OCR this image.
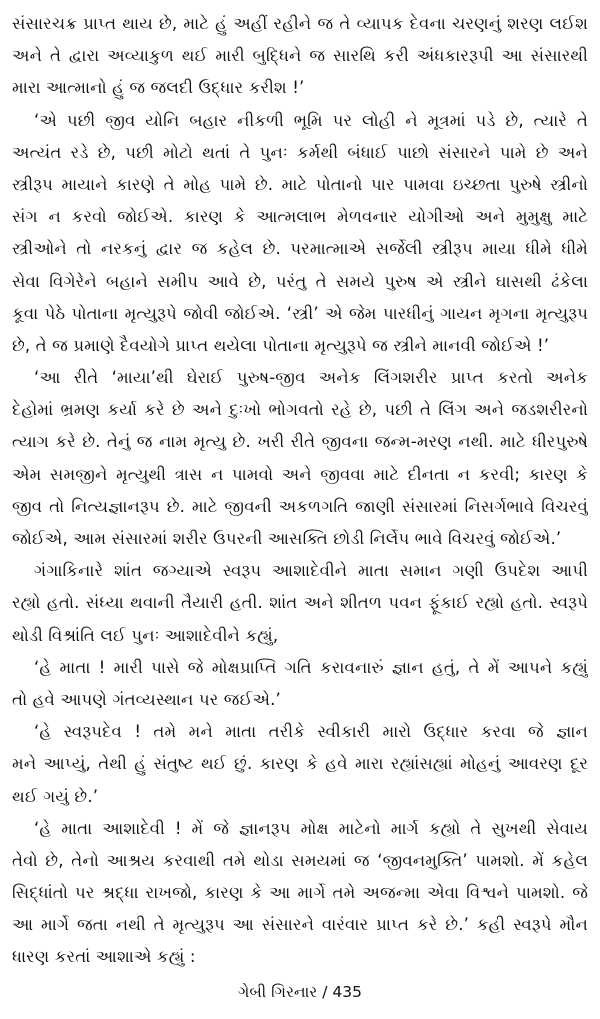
સંસારચક્ર પ્રાપ્ત થાય છે, માટે હું અહીં રહીને જ તે વ્યાપક દેવના ચરણનું શરણ લઈશ
અને તે દ્વારા અવ્યાકુળ થઈ મારી બુદ્ધિને જ સારથિ કરી અંધકારરૂપી આ સંસારથી
મારા આત્માનો હું જ જલદી ઉદ્ધાર કરીશ !’
‘એ પછી જીવ યોનિ બહાર નીકળી ભૂમિ પર લોહી ને મૂત્રમાં પડે છે, ત્યારે તે
અત્યંત રડે છે, પછી મોટો થતાં તે પુનઃ કર્મથી બંધાઈ પાછો સંસારને પામે છે અને
સ્ત્રીરૂપ માયાને કારણે તે મોહ પામે છે. માટે પોતાનો પાર પામવા ઇચ્છતા પુરુષે સ્ત્રીનો
સંગ ન કરવો જોઈએ. કારણ કે આત્મલાભ મેળવનાર યોગીઓ અને મુમુક્ષુ માટે
સ્ત્રીઓને તો નરકનું દ્વાર જ કહેલ છે. પરમાત્માએ સર્જેલી સ્ત્રીરૂપ માયા ધીમે ધીમે
સેવા વિગેરેને બહાને સમીપ આવે છે, પરંતુ તે સમયે પુરુષ એ સ્ત્રીને ઘાસથી ઢંકેલા
કૂવા પેઠે પોતાના મૃત્યુરૂપે જોવી જોઈએ. ‘સ્ત્રી’ એ જેમ પારધીનું ગાયન મૃગના મૃત્યુરૂપ
છે, તે જ પ્રમાણે દૈવયોગે પ્રાપ્ત થયેલા પોતાના મૃત્યુરૂપે જ સ્ત્રીને માનવી જોઈએ !’
‘આ રીતે ‘માયા’થી ઘેરાઈ પુરુષ-જીવ અનેક લિંગશરીર પ્રાપ્ત કરતો અનેક
દેહોમાં ભ્રમણ કર્યા કરે છે અને દુઃખો ભોગવતો રહે છે, પછી તે લિંગ અને જડશરીરનો
ત્યાગ કરે છે. તેનું જ નામ મૃત્યુ છે. ખરી રીતે જીવના જન્મ-મરણ નથી. માટે ધીરપુરુષે
એમ સમજીને મૃત્યુથી ત્રાસ ન પામવો અને જીવવા માટે દીનતા ન કરવી; કારણ કે
જીવ તો નિત્યજ્ઞાનરૂપ છે. માટે જીવની અકળગતિ જાણી સંસારમાં નિસર્ગભાવે વિચરવું
જોઈએ, આમ સંસારમાં શરીર ઉપરની આસક્તિ છોડી નિર્લેપ ભાવે વિચરવું જોઈએ.’
ગંગાકિનારે શાંત જગ્યાએ સ્વરૂપ આશાદેવીને માતા સમાન ગણી ઉપદેશ આપી
રહ્યો હતો. સંધ્યા થવાની તૈયારી હતી. શાંત અને શીતળ પવન ફૂંકાઈ રહ્યો હતો. સ્વરૂપે
થોડી વિશ્રાંતિ લઈ પુનઃ આશાદેવીને કહ્યું,
‘હે માતા ! મારી પાસે જે મોક્ષપ્રાપ્તિ ગતિ કરાવનારું જ્ઞાન હતું, તે મેં આપને કહ્યું
તો હવે આપણે ગંતવ્યસ્થાન પર જઈએ.’
‘હે સ્વરૂપદેવ ! તમે મને માતા તરીકે સ્વીકારી મારો ઉદ્ધાર કરવા જે જ્ઞાન
મને આપ્યું, તેથી હું સંતુષ્ટ થઈ છું. કારણ કે હવે મારા રહ્યાંસહ્યાં મોહનું આવરણ દૂર
થઈ ગયું છે.’
‘હે માતા આશાદેવી ! મેં જે જ્ઞાનરૂપ મોક્ષ માટેનો માર્ગ કહ્યો તે સુખથી સેવાય
તેવો છે, તેનો આશ્રય કરવાથી તમે થોડા સમયમાં જ ‘જીવનમુક્તિ’ પામશો. મેં કહેલ
સિદ્ધાંતો પર શ્રદ્ધા રાખજો, કારણ કે આ માર્ગે તમે અજન્મા એવા વિશ્વને પામશો. જે
આ માર્ગે જતા નથી તે મૃત્યુરૂપ આ સંસારને વારંવાર પ્રાપ્ત કરે છે.’ કહી સ્વરૂપે મૌન
ધારણ કરતાં આશાએ કહ્યું :
ગેબી ગિરનાર / 435
